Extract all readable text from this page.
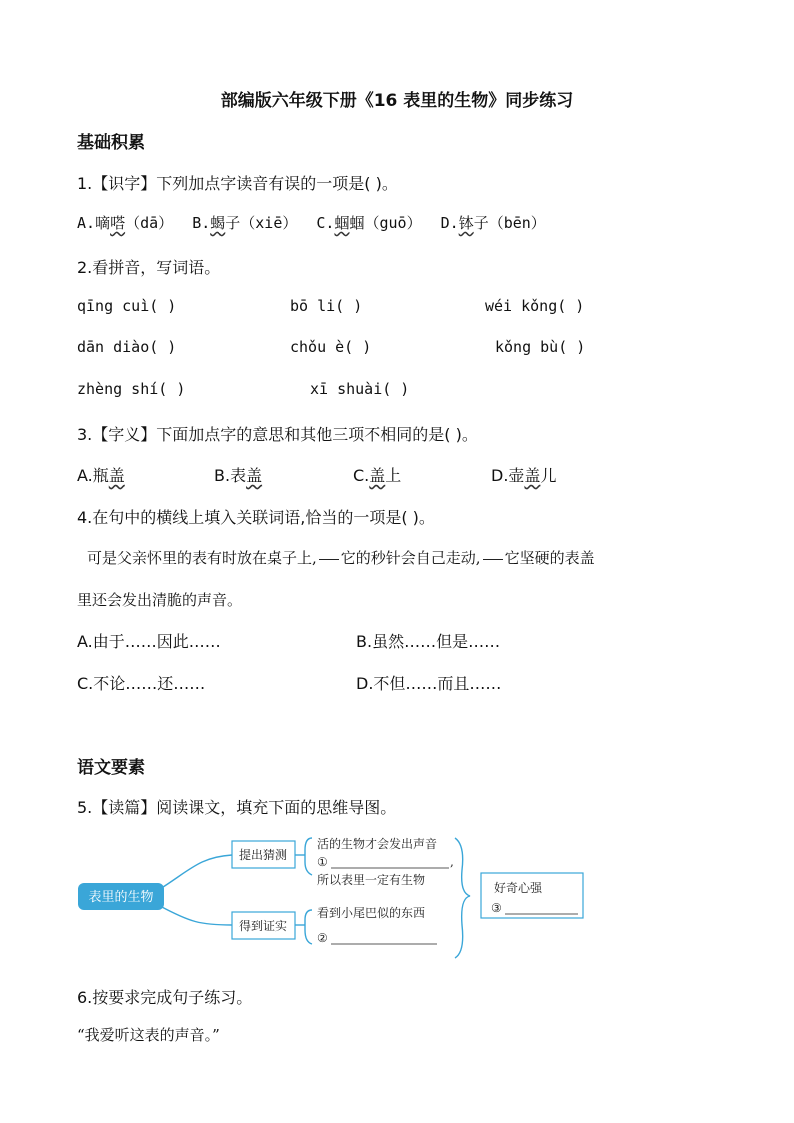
部编版六年级下册《16 表里的生物》同步练习
基础积累
1.【识字】下列加点字读音有误的一项是( )。
A.嘀嗒（dā） B.蝎子（xiē） C.蝈蝈（guō） D.钵子（bēn）
2.看拼音，写词语。
qīng cuì( )	bō li( )	wéi kǒng( )
dān diào( )	chǒu è( )	kǒng bù( )
zhèng shí( )	xī shuài( )
3.【字义】下面加点字的意思和其他三项不相同的是( )。
A.瓶盖	B.表盖	C.盖上	D.壶盖儿
4.在句中的横线上填入关联词语,恰当的一项是( )。
可是父亲怀里的表有时放在桌子上, 它的秒针会自己走动, 它坚硬的表盖
里还会发出清脆的声音。
A.由于……因此……	B.虽然……但是……
C.不论……还……	D.不但……而且……
语文要素
5.【读篇】阅读课文，填充下面的思维导图。
表里的生物
提出猜测
得到证实
活的生物才会发出声音
①	,
所以表里一定有生物
看到小尾巴似的东西
②
好奇心强
③
6.按要求完成句子练习。
“我爱听这表的声音。”
